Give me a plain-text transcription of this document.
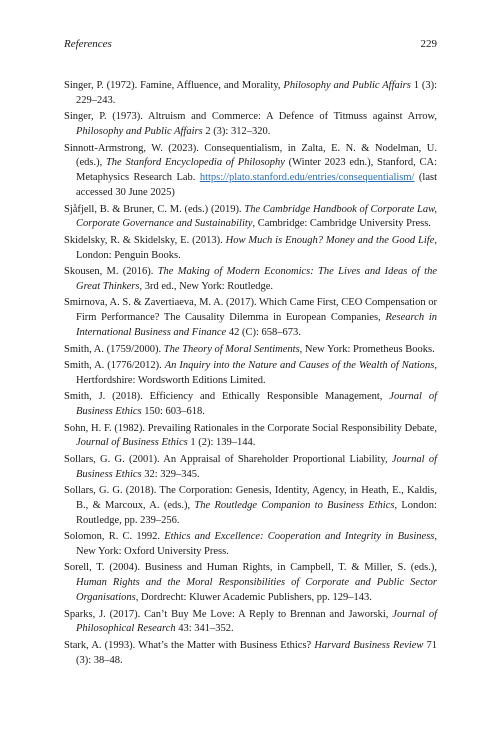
References	229
Singer, P. (1972). Famine, Affluence, and Morality, Philosophy and Public Affairs 1 (3): 229–243.
Singer, P. (1973). Altruism and Commerce: A Defence of Titmuss against Arrow, Philosophy and Public Affairs 2 (3): 312–320.
Sinnott-Armstrong, W. (2023). Consequentialism, in Zalta, E. N. & Nodelman, U. (eds.), The Stanford Encyclopedia of Philosophy (Winter 2023 edn.), Stanford, CA: Metaphysics Research Lab. https://plato.stanford.edu/entries/consequentialism/ (last accessed 30 June 2025)
Sjåfjell, B. & Bruner, C. M. (eds.) (2019). The Cambridge Handbook of Corporate Law, Corporate Governance and Sustainability, Cambridge: Cambridge University Press.
Skidelsky, R. & Skidelsky, E. (2013). How Much is Enough? Money and the Good Life, London: Penguin Books.
Skousen, M. (2016). The Making of Modern Economics: The Lives and Ideas of the Great Thinkers, 3rd ed., New York: Routledge.
Smirnova, A. S. & Zavertiaeva, M. A. (2017). Which Came First, CEO Compensation or Firm Performance? The Causality Dilemma in European Companies, Research in International Business and Finance 42 (C): 658–673.
Smith, A. (1759/2000). The Theory of Moral Sentiments, New York: Prometheus Books.
Smith, A. (1776/2012). An Inquiry into the Nature and Causes of the Wealth of Nations, Hertfordshire: Wordsworth Editions Limited.
Smith, J. (2018). Efficiency and Ethically Responsible Management, Journal of Business Ethics 150: 603–618.
Sohn, H. F. (1982). Prevailing Rationales in the Corporate Social Responsibility Debate, Journal of Business Ethics 1 (2): 139–144.
Sollars, G. G. (2001). An Appraisal of Shareholder Proportional Liability, Journal of Business Ethics 32: 329–345.
Sollars, G. G. (2018). The Corporation: Genesis, Identity, Agency, in Heath, E., Kaldis, B., & Marcoux, A. (eds.), The Routledge Companion to Business Ethics, London: Routledge, pp. 239–256.
Solomon, R. C. 1992. Ethics and Excellence: Cooperation and Integrity in Business, New York: Oxford University Press.
Sorell, T. (2004). Business and Human Rights, in Campbell, T. & Miller, S. (eds.), Human Rights and the Moral Responsibilities of Corporate and Public Sector Organisations, Dordrecht: Kluwer Academic Publishers, pp. 129–143.
Sparks, J. (2017). Can’t Buy Me Love: A Reply to Brennan and Jaworski, Journal of Philosophical Research 43: 341–352.
Stark, A. (1993). What’s the Matter with Business Ethics? Harvard Business Review 71 (3): 38–48.
